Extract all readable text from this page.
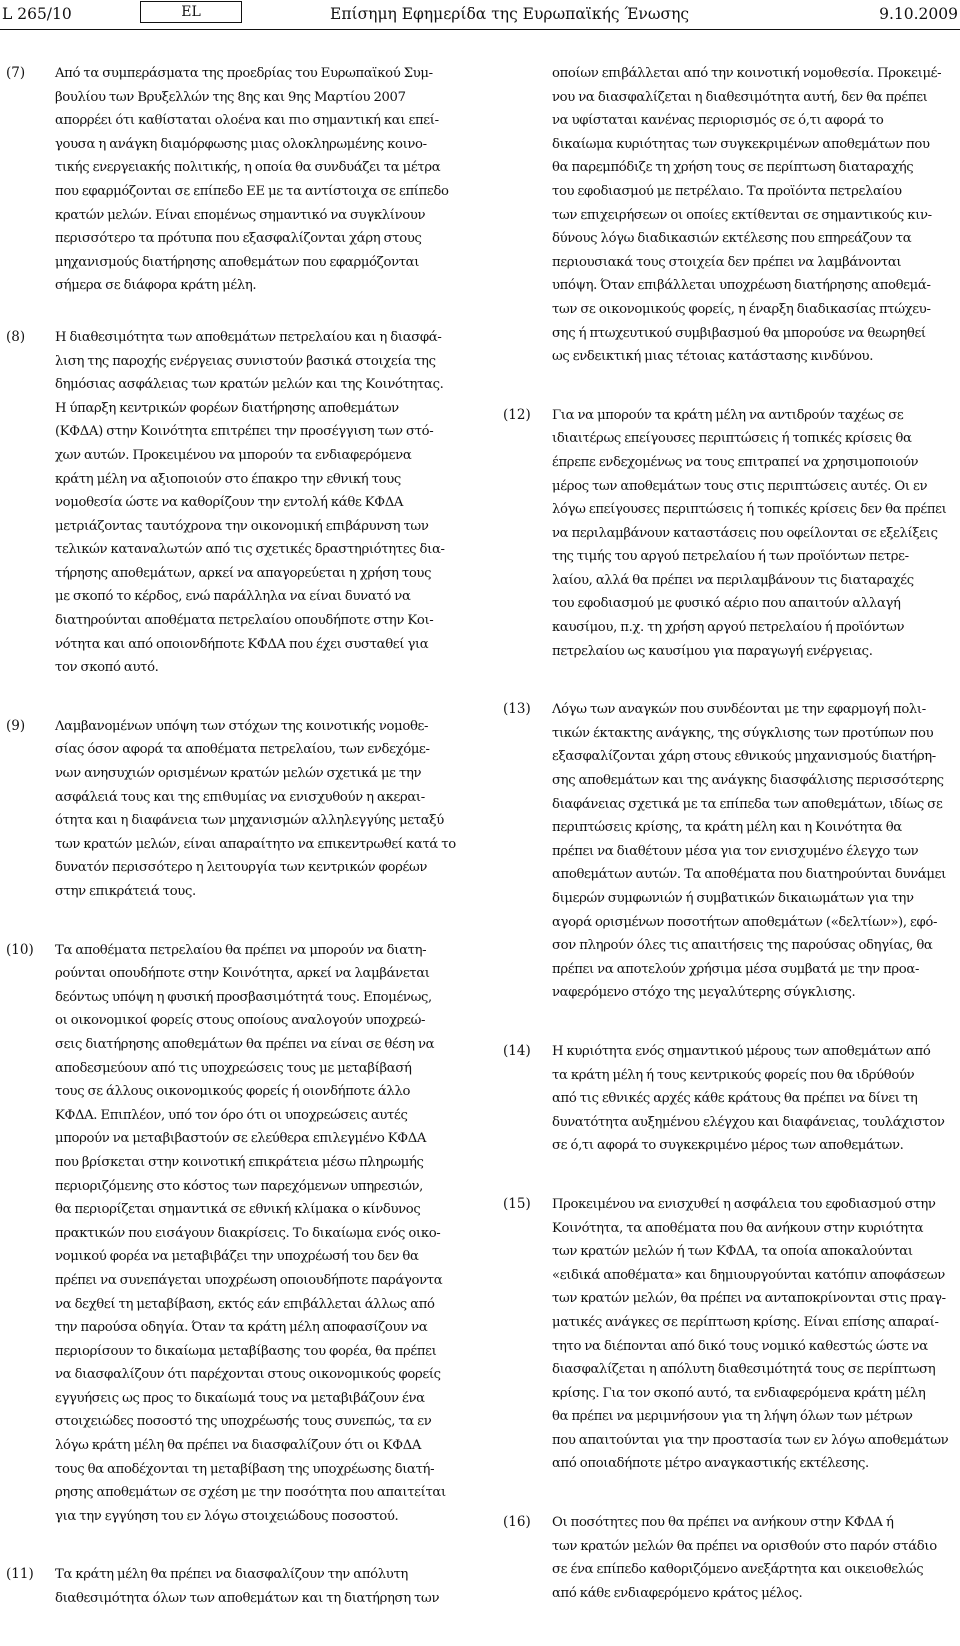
L 265/10	EL	Επίσημη Εφημερίδα της Ευρωπαϊκής Ένωσης	9.10.2009
(7) Από τα συμπεράσματα της προεδρίας του Ευρωπαϊκού Συμ-
βουλίου των Βρυξελλών της 8ης και 9ης Μαρτίου 2007
απορρέει ότι καθίσταται ολοένα και πιο σημαντική και επεί-
γουσα η ανάγκη διαμόρφωσης μιας ολοκληρωμένης κοινο-
τικής ενεργειακής πολιτικής, η οποία θα συνδυάζει τα μέτρα
που εφαρμόζονται σε επίπεδο ΕΕ με τα αντίστοιχα σε επίπεδο
κρατών μελών. Είναι επομένως σημαντικό να συγκλίνουν
περισσότερο τα πρότυπα που εξασφαλίζονται χάρη στους
μηχανισμούς διατήρησης αποθεμάτων που εφαρμόζονται
σήμερα σε διάφορα κράτη μέλη.
(8) Η διαθεσιμότητα των αποθεμάτων πετρελαίου και η διασφά-
λιση της παροχής ενέργειας συνιστούν βασικά στοιχεία της
δημόσιας ασφάλειας των κρατών μελών και της Κοινότητας.
Η ύπαρξη κεντρικών φορέων διατήρησης αποθεμάτων
(ΚΦΔΑ) στην Κοινότητα επιτρέπει την προσέγγιση των στό-
χων αυτών. Προκειμένου να μπορούν τα ενδιαφερόμενα
κράτη μέλη να αξιοποιούν στο έπακρο την εθνική τους
νομοθεσία ώστε να καθορίζουν την εντολή κάθε ΚΦΔΑ
μετριάζοντας ταυτόχρονα την οικονομική επιβάρυνση των
τελικών καταναλωτών από τις σχετικές δραστηριότητες δια-
τήρησης αποθεμάτων, αρκεί να απαγορεύεται η χρήση τους
με σκοπό το κέρδος, ενώ παράλληλα να είναι δυνατό να
διατηρούνται αποθέματα πετρελαίου οπουδήποτε στην Κοι-
νότητα και από οποιονδήποτε ΚΦΔΑ που έχει συσταθεί για
τον σκοπό αυτό.
(9) Λαμβανομένων υπόψη των στόχων της κοινοτικής νομοθε-
σίας όσον αφορά τα αποθέματα πετρελαίου, των ενδεχόμε-
νων ανησυχιών ορισμένων κρατών μελών σχετικά με την
ασφάλειά τους και της επιθυμίας να ενισχυθούν η ακεραι-
ότητα και η διαφάνεια των μηχανισμών αλληλεγγύης μεταξύ
των κρατών μελών, είναι απαραίτητο να επικεντρωθεί κατά το
δυνατόν περισσότερο η λειτουργία των κεντρικών φορέων
στην επικράτειά τους.
(10) Τα αποθέματα πετρελαίου θα πρέπει να μπορούν να διατη-
ρούνται οπουδήποτε στην Κοινότητα, αρκεί να λαμβάνεται
δεόντως υπόψη η φυσική προσβασιμότητά τους. Επομένως,
οι οικονομικοί φορείς στους οποίους αναλογούν υποχρεώ-
σεις διατήρησης αποθεμάτων θα πρέπει να είναι σε θέση να
αποδεσμεύουν από τις υποχρεώσεις τους με μεταβίβασή
τους σε άλλους οικονομικούς φορείς ή οιονδήποτε άλλο
ΚΦΔΑ. Επιπλέον, υπό τον όρο ότι οι υποχρεώσεις αυτές
μπορούν να μεταβιβαστούν σε ελεύθερα επιλεγμένο ΚΦΔΑ
που βρίσκεται στην κοινοτική επικράτεια μέσω πληρωμής
περιοριζόμενης στο κόστος των παρεχόμενων υπηρεσιών,
θα περιορίζεται σημαντικά σε εθνική κλίμακα ο κίνδυνος
πρακτικών που εισάγουν διακρίσεις. Το δικαίωμα ενός οικο-
νομικού φορέα να μεταβιβάζει την υποχρέωσή του δεν θα
πρέπει να συνεπάγεται υποχρέωση οποιουδήποτε παράγοντα
να δεχθεί τη μεταβίβαση, εκτός εάν επιβάλλεται άλλως από
την παρούσα οδηγία. Όταν τα κράτη μέλη αποφασίζουν να
περιορίσουν το δικαίωμα μεταβίβασης του φορέα, θα πρέπει
να διασφαλίζουν ότι παρέχονται στους οικονομικούς φορείς
εγγυήσεις ως προς το δικαίωμά τους να μεταβιβάζουν ένα
στοιχειώδες ποσοστό της υποχρέωσής τους συνεπώς, τα εν
λόγω κράτη μέλη θα πρέπει να διασφαλίζουν ότι οι ΚΦΔΑ
τους θα αποδέχονται τη μεταβίβαση της υποχρέωσης διατή-
ρησης αποθεμάτων σε σχέση με την ποσότητα που απαιτείται
για την εγγύηση του εν λόγω στοιχειώδους ποσοστού.
(11) Τα κράτη μέλη θα πρέπει να διασφαλίζουν την απόλυτη
διαθεσιμότητα όλων των αποθεμάτων και τη διατήρηση των
οποίων επιβάλλεται από την κοινοτική νομοθεσία. Προκειμέ-
νου να διασφαλίζεται η διαθεσιμότητα αυτή, δεν θα πρέπει
να υφίσταται κανένας περιορισμός σε ό,τι αφορά το
δικαίωμα κυριότητας των συγκεκριμένων αποθεμάτων που
θα παρεμπόδιζε τη χρήση τους σε περίπτωση διαταραχής
του εφοδιασμού με πετρέλαιο. Τα προϊόντα πετρελαίου
των επιχειρήσεων οι οποίες εκτίθενται σε σημαντικούς κιν-
δύνους λόγω διαδικασιών εκτέλεσης που επηρεάζουν τα
περιουσιακά τους στοιχεία δεν πρέπει να λαμβάνονται
υπόψη. Όταν επιβάλλεται υποχρέωση διατήρησης αποθεμά-
των σε οικονομικούς φορείς, η έναρξη διαδικασίας πτώχευ-
σης ή πτωχευτικού συμβιβασμού θα μπορούσε να θεωρηθεί
ως ενδεικτική μιας τέτοιας κατάστασης κινδύνου.
(12) Για να μπορούν τα κράτη μέλη να αντιδρούν ταχέως σε
ιδιαιτέρως επείγουσες περιπτώσεις ή τοπικές κρίσεις θα
έπρεπε ενδεχομένως να τους επιτραπεί να χρησιμοποιούν
μέρος των αποθεμάτων τους στις περιπτώσεις αυτές. Οι εν
λόγω επείγουσες περιπτώσεις ή τοπικές κρίσεις δεν θα πρέπει
να περιλαμβάνουν καταστάσεις που οφείλονται σε εξελίξεις
της τιμής του αργού πετρελαίου ή των προϊόντων πετρε-
λαίου, αλλά θα πρέπει να περιλαμβάνουν τις διαταραχές
του εφοδιασμού με φυσικό αέριο που απαιτούν αλλαγή
καυσίμου, π.χ. τη χρήση αργού πετρελαίου ή προϊόντων
πετρελαίου ως καυσίμου για παραγωγή ενέργειας.
(13) Λόγω των αναγκών που συνδέονται με την εφαρμογή πολι-
τικών έκτακτης ανάγκης, της σύγκλισης των προτύπων που
εξασφαλίζονται χάρη στους εθνικούς μηχανισμούς διατήρη-
σης αποθεμάτων και της ανάγκης διασφάλισης περισσότερης
διαφάνειας σχετικά με τα επίπεδα των αποθεμάτων, ιδίως σε
περιπτώσεις κρίσης, τα κράτη μέλη και η Κοινότητα θα
πρέπει να διαθέτουν μέσα για τον ενισχυμένο έλεγχο των
αποθεμάτων αυτών. Τα αποθέματα που διατηρούνται δυνάμει
διμερών συμφωνιών ή συμβατικών δικαιωμάτων για την
αγορά ορισμένων ποσοτήτων αποθεμάτων («δελτίων»), εφό-
σον πληρούν όλες τις απαιτήσεις της παρούσας οδηγίας, θα
πρέπει να αποτελούν χρήσιμα μέσα συμβατά με την προα-
ναφερόμενο στόχο της μεγαλύτερης σύγκλισης.
(14) Η κυριότητα ενός σημαντικού μέρους των αποθεμάτων από
τα κράτη μέλη ή τους κεντρικούς φορείς που θα ιδρύθούν
από τις εθνικές αρχές κάθε κράτους θα πρέπει να δίνει τη
δυνατότητα αυξημένου ελέγχου και διαφάνειας, τουλάχιστον
σε ό,τι αφορά το συγκεκριμένο μέρος των αποθεμάτων.
(15) Προκειμένου να ενισχυθεί η ασφάλεια του εφοδιασμού στην
Κοινότητα, τα αποθέματα που θα ανήκουν στην κυριότητα
των κρατών μελών ή των ΚΦΔΑ, τα οποία αποκαλούνται
«ειδικά αποθέματα» και δημιουργούνται κατόπιν αποφάσεων
των κρατών μελών, θα πρέπει να ανταποκρίνονται στις πραγ-
ματικές ανάγκες σε περίπτωση κρίσης. Είναι επίσης απαραί-
τητο να διέπονται από δικό τους νομικό καθεστώς ώστε να
διασφαλίζεται η απόλυτη διαθεσιμότητά τους σε περίπτωση
κρίσης. Για τον σκοπό αυτό, τα ενδιαφερόμενα κράτη μέλη
θα πρέπει να μεριμνήσουν για τη λήψη όλων των μέτρων
που απαιτούνται για την προστασία των εν λόγω αποθεμάτων
από οποιαδήποτε μέτρο αναγκαστικής εκτέλεσης.
(16) Οι ποσότητες που θα πρέπει να ανήκουν στην ΚΦΔΑ ή
των κρατών μελών θα πρέπει να ορισθούν στο παρόν στάδιο
σε ένα επίπεδο καθοριζόμενο ανεξάρτητα και οικειοθελώς
από κάθε ενδιαφερόμενο κράτος μέλος.
